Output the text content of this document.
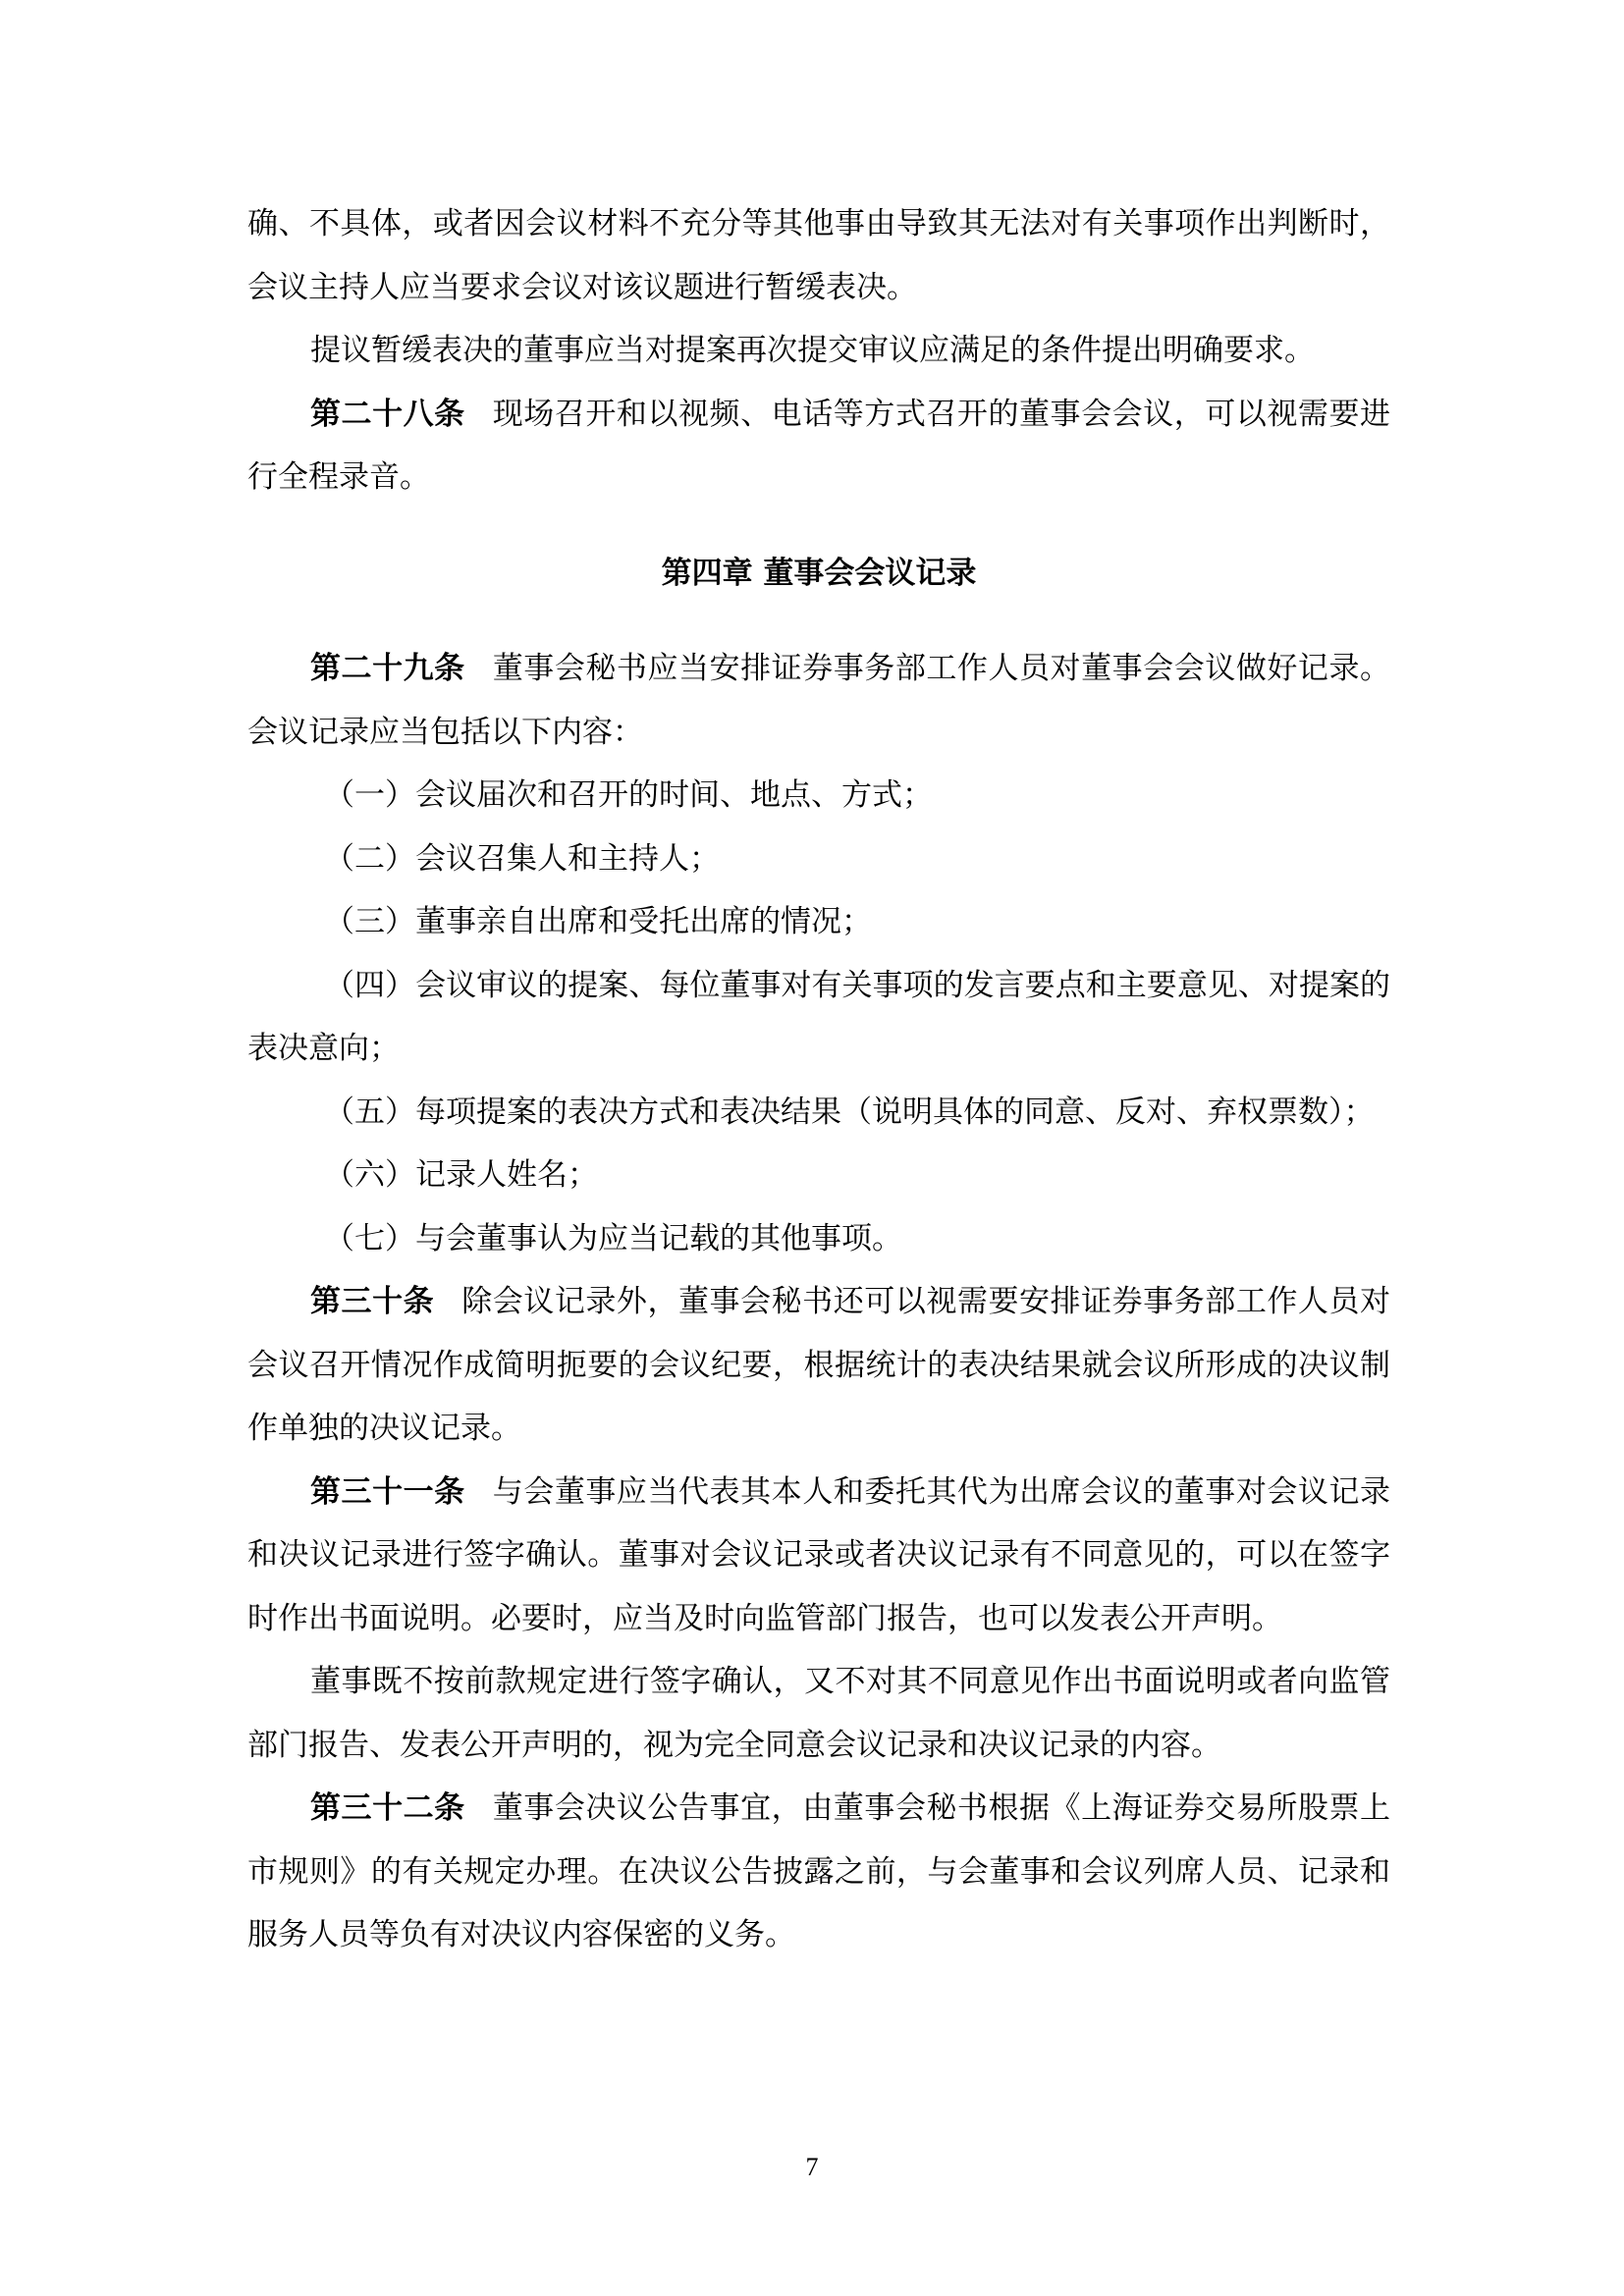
确、不具体，或者因会议材料不充分等其他事由导致其无法对有关事项作出判断时，会议主持人应当要求会议对该议题进行暂缓表决。

提议暂缓表决的董事应当对提案再次提交审议应满足的条件提出明确要求。

第二十八条 现场召开和以视频、电话等方式召开的董事会会议，可以视需要进行全程录音。

第四章 董事会会议记录

第二十九条 董事会秘书应当安排证券事务部工作人员对董事会会议做好记录。会议记录应当包括以下内容：

（一）会议届次和召开的时间、地点、方式；

（二）会议召集人和主持人；

（三）董事亲自出席和受托出席的情况；

（四）会议审议的提案、每位董事对有关事项的发言要点和主要意见、对提案的表决意向；

（五）每项提案的表决方式和表决结果（说明具体的同意、反对、弃权票数）；

（六）记录人姓名；

（七）与会董事认为应当记载的其他事项。

第三十条 除会议记录外，董事会秘书还可以视需要安排证券事务部工作人员对会议召开情况作成简明扼要的会议纪要，根据统计的表决结果就会议所形成的决议制作单独的决议记录。

第三十一条 与会董事应当代表其本人和委托其代为出席会议的董事对会议记录和决议记录进行签字确认。董事对会议记录或者决议记录有不同意见的，可以在签字时作出书面说明。必要时，应当及时向监管部门报告，也可以发表公开声明。

董事既不按前款规定进行签字确认，又不对其不同意见作出书面说明或者向监管部门报告、发表公开声明的，视为完全同意会议记录和决议记录的内容。

第三十二条 董事会决议公告事宜，由董事会秘书根据《上海证券交易所股票上市规则》的有关规定办理。在决议公告披露之前，与会董事和会议列席人员、记录和服务人员等负有对决议内容保密的义务。

7
